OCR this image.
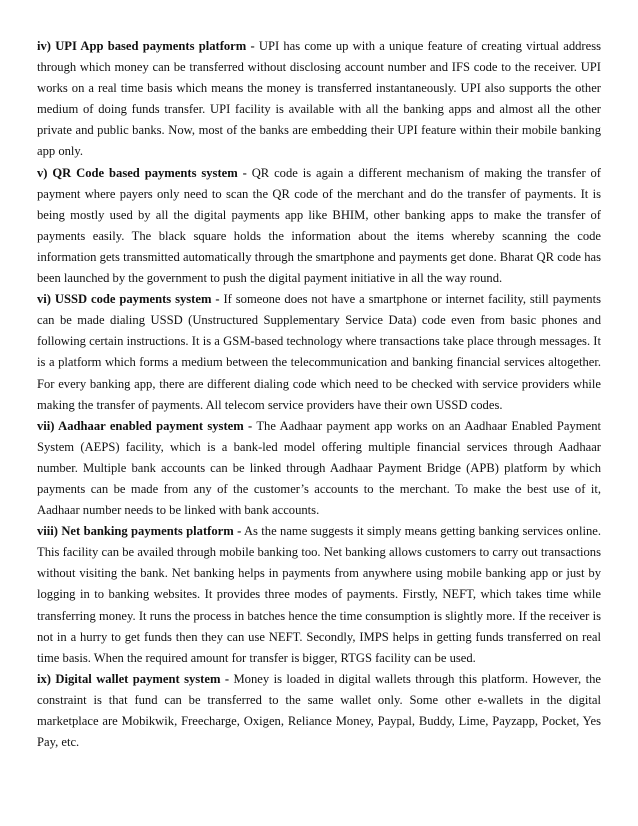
iv) UPI App based payments platform - UPI has come up with a unique feature of creating virtual address through which money can be transferred without disclosing account number and IFS code to the receiver. UPI works on a real time basis which means the money is transferred instantaneously. UPI also supports the other medium of doing funds transfer. UPI facility is available with all the banking apps and almost all the other private and public banks. Now, most of the banks are embedding their UPI feature within their mobile banking app only.

v) QR Code based payments system - QR code is again a different mechanism of making the transfer of payment where payers only need to scan the QR code of the merchant and do the transfer of payments. It is being mostly used by all the digital payments app like BHIM, other banking apps to make the transfer of payments easily. The black square holds the information about the items whereby scanning the code information gets transmitted automatically through the smartphone and payments get done. Bharat QR code has been launched by the government to push the digital payment initiative in all the way round.

vi) USSD code payments system - If someone does not have a smartphone or internet facility, still payments can be made dialing USSD (Unstructured Supplementary Service Data) code even from basic phones and following certain instructions. It is a GSM-based technology where transactions take place through messages. It is a platform which forms a medium between the telecommunication and banking financial services altogether. For every banking app, there are different dialing code which need to be checked with service providers while making the transfer of payments. All telecom service providers have their own USSD codes.

vii) Aadhaar enabled payment system - The Aadhaar payment app works on an Aadhaar Enabled Payment System (AEPS) facility, which is a bank-led model offering multiple financial services through Aadhaar number. Multiple bank accounts can be linked through Aadhaar Payment Bridge (APB) platform by which payments can be made from any of the customer’s accounts to the merchant. To make the best use of it, Aadhaar number needs to be linked with bank accounts.

viii) Net banking payments platform - As the name suggests it simply means getting banking services online. This facility can be availed through mobile banking too. Net banking allows customers to carry out transactions without visiting the bank. Net banking helps in payments from anywhere using mobile banking app or just by logging in to banking websites. It provides three modes of payments. Firstly, NEFT, which takes time while transferring money. It runs the process in batches hence the time consumption is slightly more. If the receiver is not in a hurry to get funds then they can use NEFT. Secondly, IMPS helps in getting funds transferred on real time basis. When the required amount for transfer is bigger, RTGS facility can be used.

ix) Digital wallet payment system - Money is loaded in digital wallets through this platform. However, the constraint is that fund can be transferred to the same wallet only. Some other e-wallets in the digital marketplace are Mobikwik, Freecharge, Oxigen, Reliance Money, Paypal, Buddy, Lime, Payzapp, Pocket, Yes Pay, etc.
